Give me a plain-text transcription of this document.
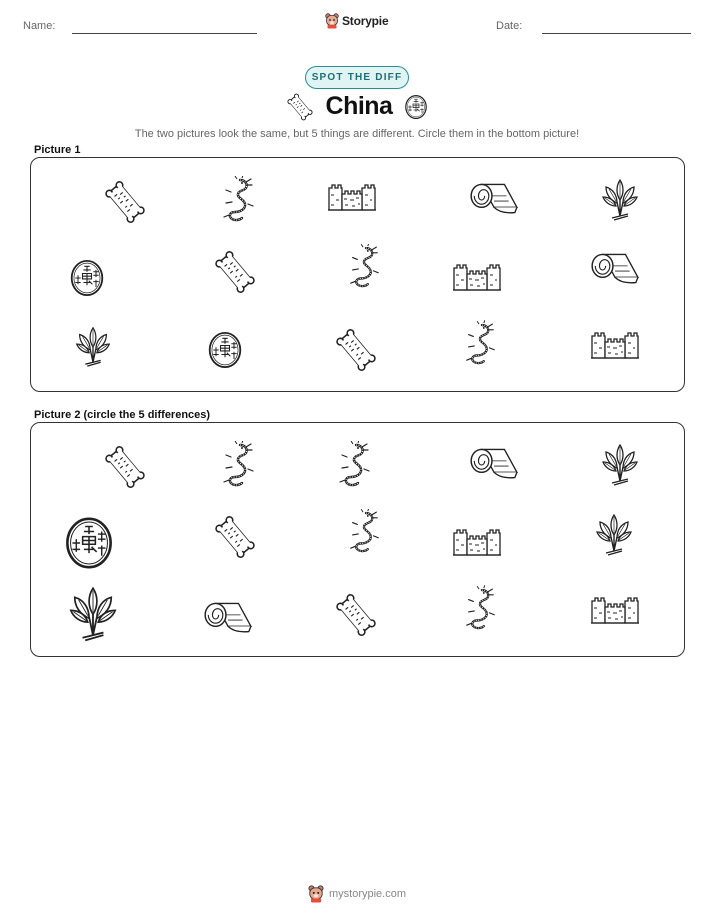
Name:	Storypie	Date:
SPOT THE DIFF
China
The two pictures look the same, but 5 things are different. Circle them in the bottom picture!
Picture 1
Picture 2 (circle the 5 differences)
mystorypie.com
